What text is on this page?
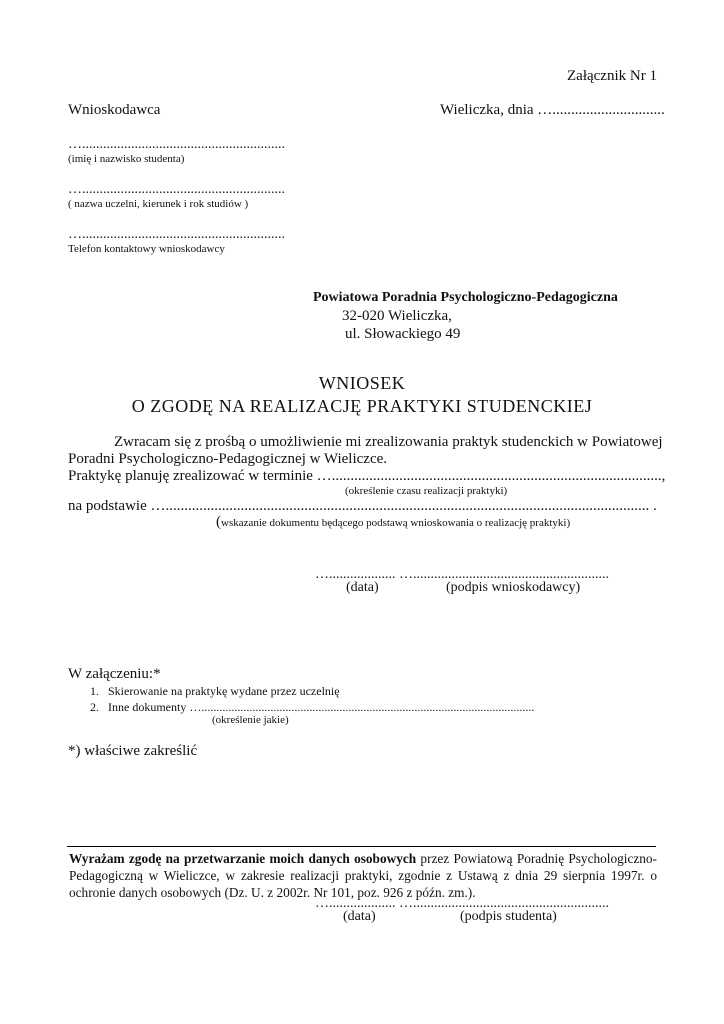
Załącznik Nr 1
Wnioskodawca	Wieliczka, dnia …..............................
…..........................................................
(imię i nazwisko studenta)
…..........................................................
( nazwa uczelni, kierunek i rok studiów )
…..........................................................
Telefon kontaktowy wnioskodawcy
Powiatowa Poradnia Psychologiczno-Pedagogiczna
32-020 Wieliczka,
ul. Słowackiego 49
WNIOSEK
O ZGODĘ NA REALIZACJĘ PRAKTYKI STUDENCKIEJ
Zwracam się z prośbą o umożliwienie mi zrealizowania praktyk studenckich w Powiatowej
Poradni Psychologiczno-Pedagogicznej w Wieliczce.
Praktykę planuję zrealizować w terminie …........................................................................................,
(określenie czasu realizacji praktyki)
na podstawie …................................................................................................................................. .
(wskazanie dokumentu będącego podstawą wnioskowania o realizację praktyki)
…................... …........................................................
(data)	(podpis wnioskodawcy)
W załączeniu:*
1. Skierowanie na praktykę wydane przez uczelnię
2. Inne dokumenty …...............................................................................................................
(określenie jakie)
*) właściwe zakreślić
Wyrażam zgodę na przetwarzanie moich danych osobowych przez Powiatową Poradnię Psychologiczno-Pedagogiczną w Wieliczce, w zakresie realizacji praktyki, zgodnie z Ustawą z dnia 29 sierpnia 1997r. o ochronie danych osobowych (Dz. U. z 2002r. Nr 101, poz. 926 z późn. zm.).
…................... …........................................................
(data)	(podpis studenta)
